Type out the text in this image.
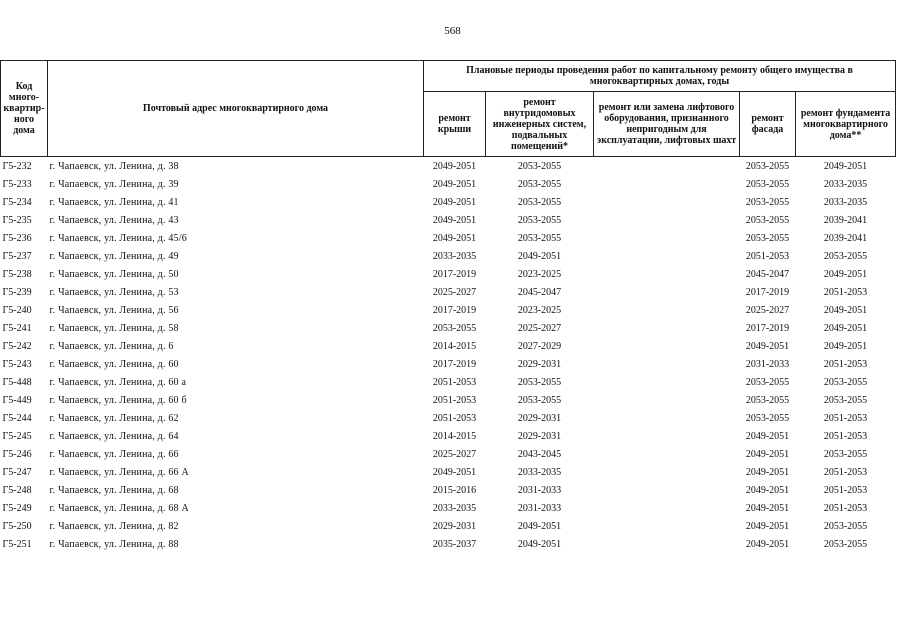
568
Код много-квартир-ного дома	Почтовый адрес многоквартирного дома	Плановые периоды проведения работ по капитальному ремонту общего имущества в многоквартирных домах, годы				
		ремонт крыши	ремонт внутридомовых инженерных систем, подвальных помещений*	ремонт или замена лифтового оборудования, признанного непригодным для эксплуатации, лифтовых шахт	ремонт фасада	ремонт фундамента многоквартирного дома**
Г5-232	г. Чапаевск, ул. Ленина, д. 38	2049-2051	2053-2055		2053-2055	2049-2051
Г5-233	г. Чапаевск, ул. Ленина, д. 39	2049-2051	2053-2055		2053-2055	2033-2035
Г5-234	г. Чапаевск, ул. Ленина, д. 41	2049-2051	2053-2055		2053-2055	2033-2035
Г5-235	г. Чапаевск, ул. Ленина, д. 43	2049-2051	2053-2055		2053-2055	2039-2041
Г5-236	г. Чапаевск, ул. Ленина, д. 45/6	2049-2051	2053-2055		2053-2055	2039-2041
Г5-237	г. Чапаевск, ул. Ленина, д. 49	2033-2035	2049-2051		2051-2053	2053-2055
Г5-238	г. Чапаевск, ул. Ленина, д. 50	2017-2019	2023-2025		2045-2047	2049-2051
Г5-239	г. Чапаевск, ул. Ленина, д. 53	2025-2027	2045-2047		2017-2019	2051-2053
Г5-240	г. Чапаевск, ул. Ленина, д. 56	2017-2019	2023-2025		2025-2027	2049-2051
Г5-241	г. Чапаевск, ул. Ленина, д. 58	2053-2055	2025-2027		2017-2019	2049-2051
Г5-242	г. Чапаевск, ул. Ленина, д. 6	2014-2015	2027-2029		2049-2051	2049-2051
Г5-243	г. Чапаевск, ул. Ленина, д. 60	2017-2019	2029-2031		2031-2033	2051-2053
Г5-448	г. Чапаевск, ул. Ленина, д. 60 а	2051-2053	2053-2055		2053-2055	2053-2055
Г5-449	г. Чапаевск, ул. Ленина, д. 60 б	2051-2053	2053-2055		2053-2055	2053-2055
Г5-244	г. Чапаевск, ул. Ленина, д. 62	2051-2053	2029-2031		2053-2055	2051-2053
Г5-245	г. Чапаевск, ул. Ленина, д. 64	2014-2015	2029-2031		2049-2051	2051-2053
Г5-246	г. Чапаевск, ул. Ленина, д. 66	2025-2027	2043-2045		2049-2051	2053-2055
Г5-247	г. Чапаевск, ул. Ленина, д. 66 А	2049-2051	2033-2035		2049-2051	2051-2053
Г5-248	г. Чапаевск, ул. Ленина, д. 68	2015-2016	2031-2033		2049-2051	2051-2053
Г5-249	г. Чапаевск, ул. Ленина, д. 68 А	2033-2035	2031-2033		2049-2051	2051-2053
Г5-250	г. Чапаевск, ул. Ленина, д. 82	2029-2031	2049-2051		2049-2051	2053-2055
Г5-251	г. Чапаевск, ул. Ленина, д. 88	2035-2037	2049-2051		2049-2051	2053-2055
